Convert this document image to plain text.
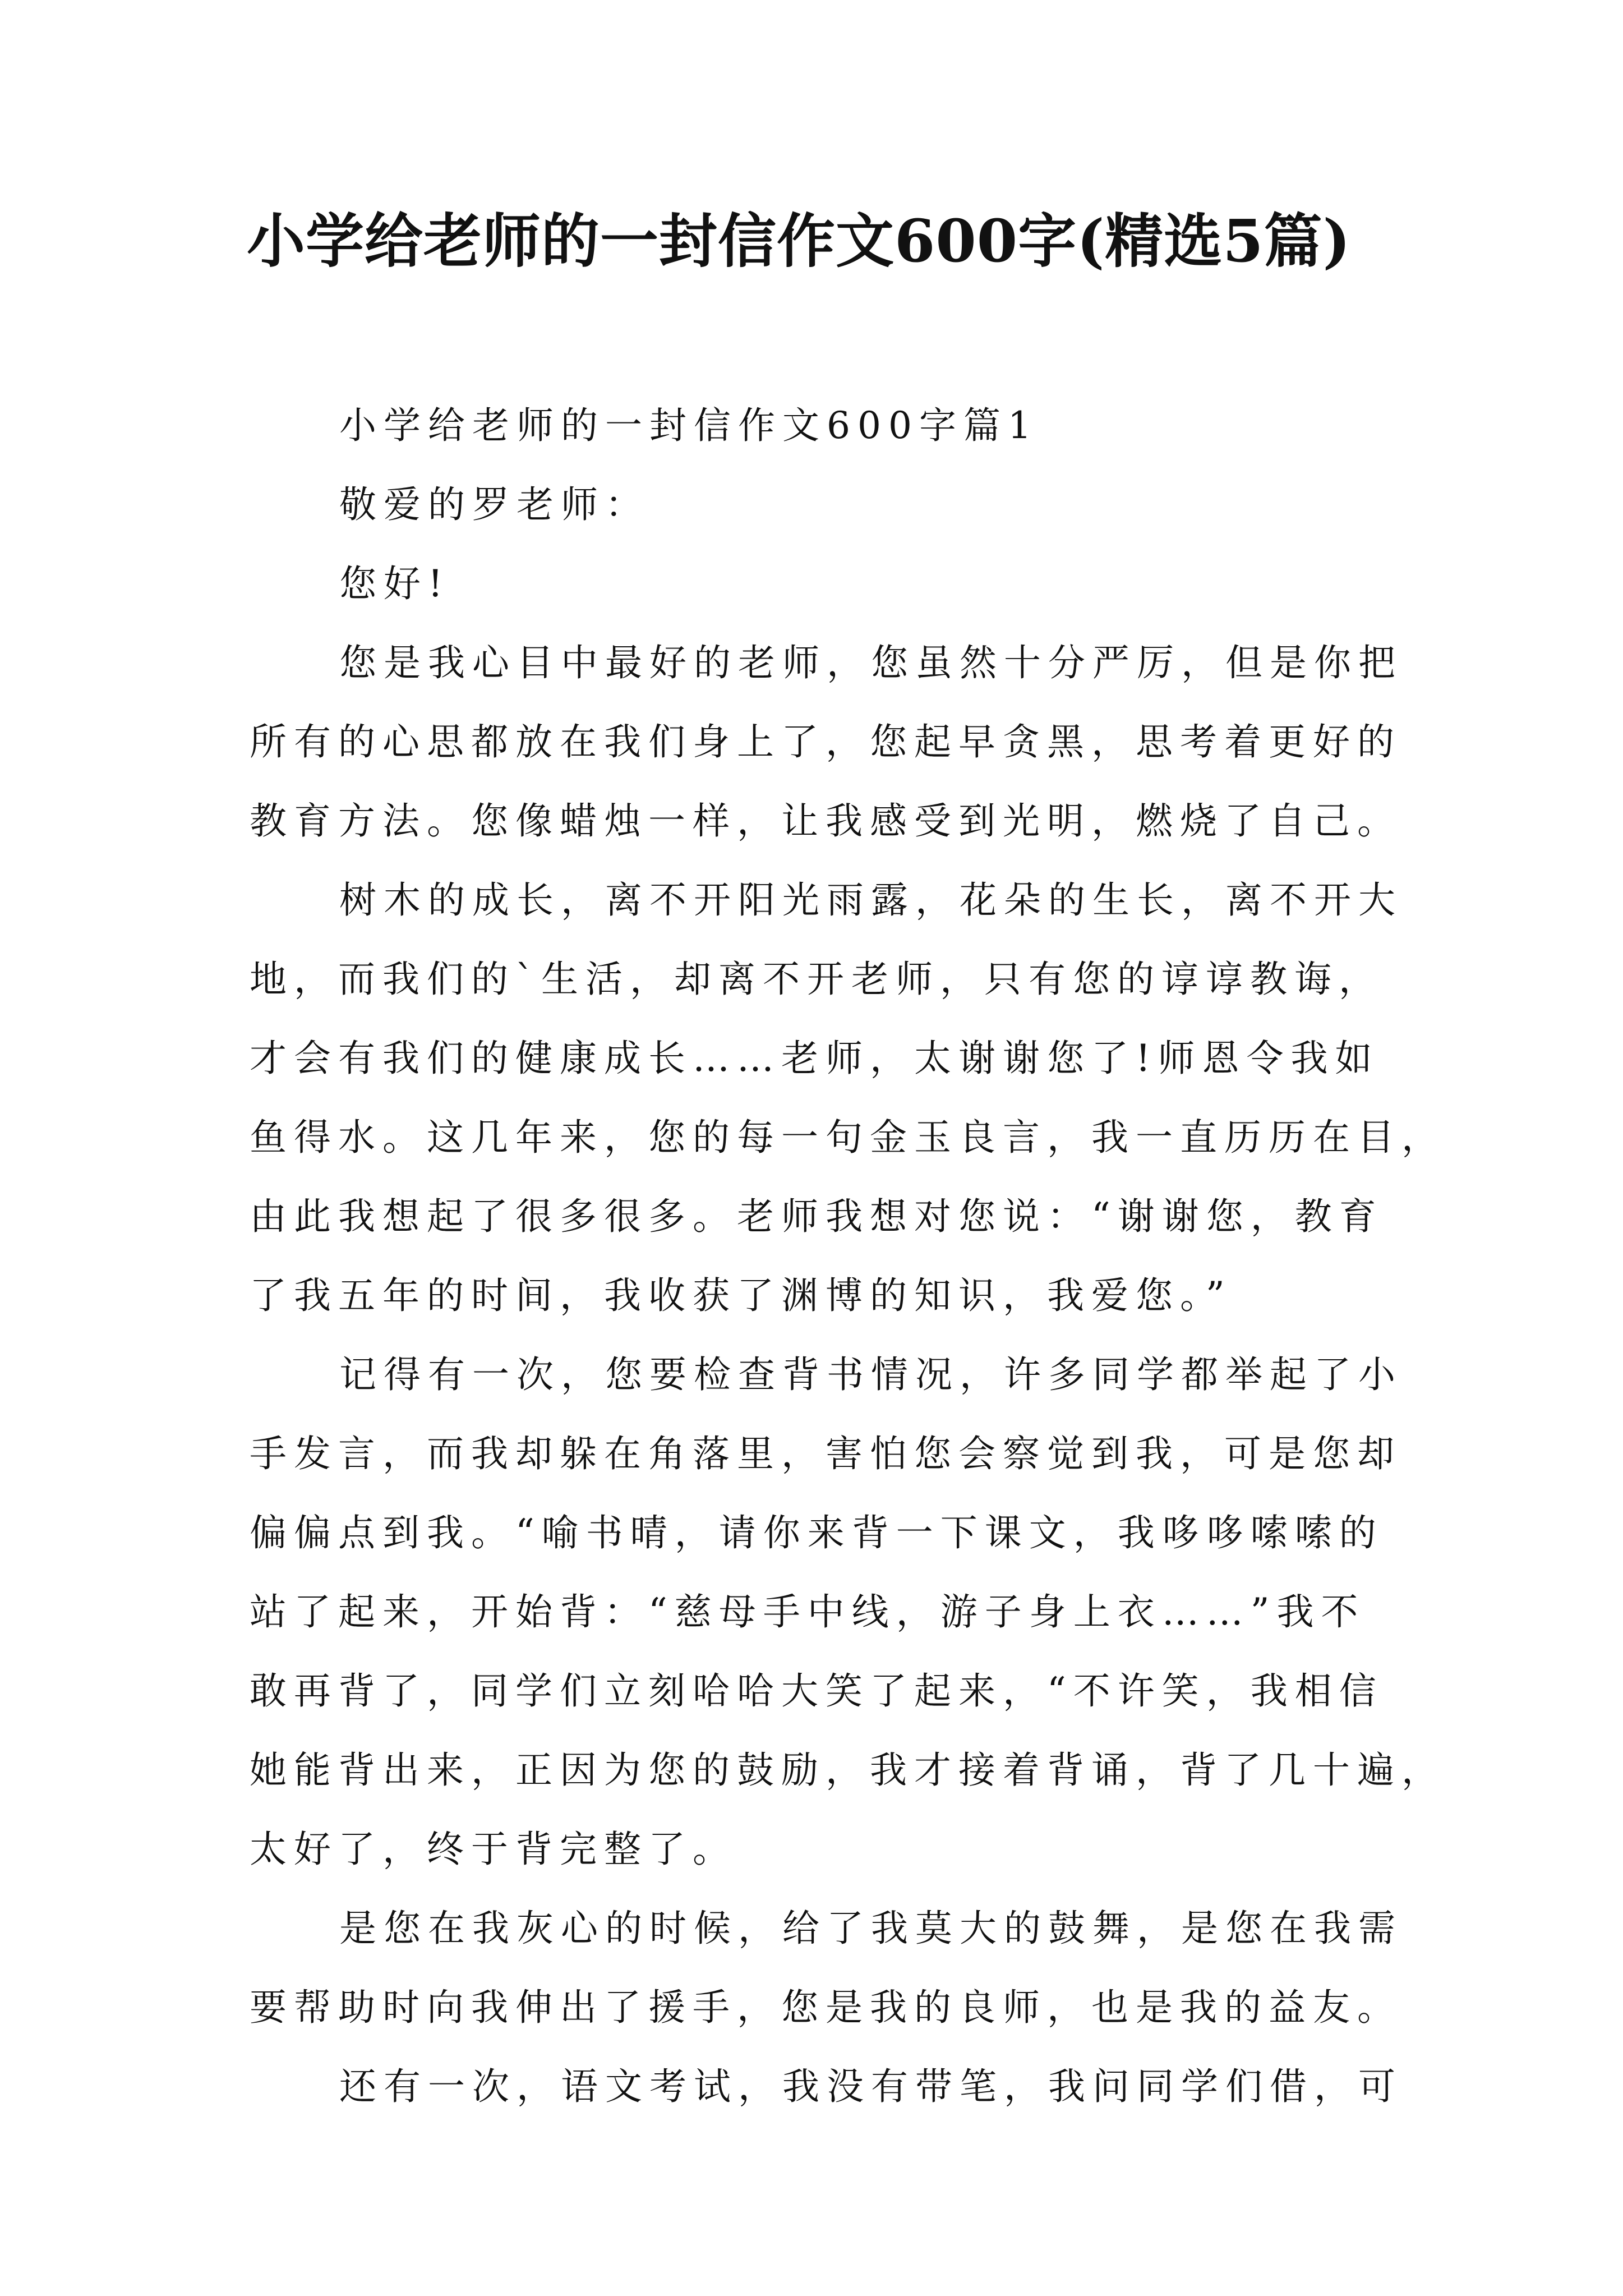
小学给老师的一封信作文600字(精选5篇)
小学给老师的一封信作文600字篇1
敬爱的罗老师：
您好!
您是我心目中最好的老师，您虽然十分严厉，但是你把
所有的心思都放在我们身上了，您起早贪黑，思考着更好的
教育方法。您像蜡烛一样，让我感受到光明，燃烧了自己。
树木的成长，离不开阳光雨露，花朵的生长，离不开大
地，而我们的`生活，却离不开老师，只有您的谆谆教诲，
才会有我们的健康成长……老师，太谢谢您了!师恩令我如
鱼得水。这几年来，您的每一句金玉良言，我一直历历在目，
由此我想起了很多很多。老师我想对您说：“谢谢您，教育
了我五年的时间，我收获了渊博的知识，我爱您。”
记得有一次，您要检查背书情况，许多同学都举起了小
手发言，而我却躲在角落里，害怕您会察觉到我，可是您却
偏偏点到我。“喻书晴，请你来背一下课文，我哆哆嗦嗦的
站了起来，开始背：“慈母手中线，游子身上衣……”我不
敢再背了，同学们立刻哈哈大笑了起来，“不许笑，我相信
她能背出来，正因为您的鼓励，我才接着背诵，背了几十遍，
太好了，终于背完整了。
是您在我灰心的时候，给了我莫大的鼓舞，是您在我需
要帮助时向我伸出了援手，您是我的良师，也是我的益友。
还有一次，语文考试，我没有带笔，我问同学们借，可
